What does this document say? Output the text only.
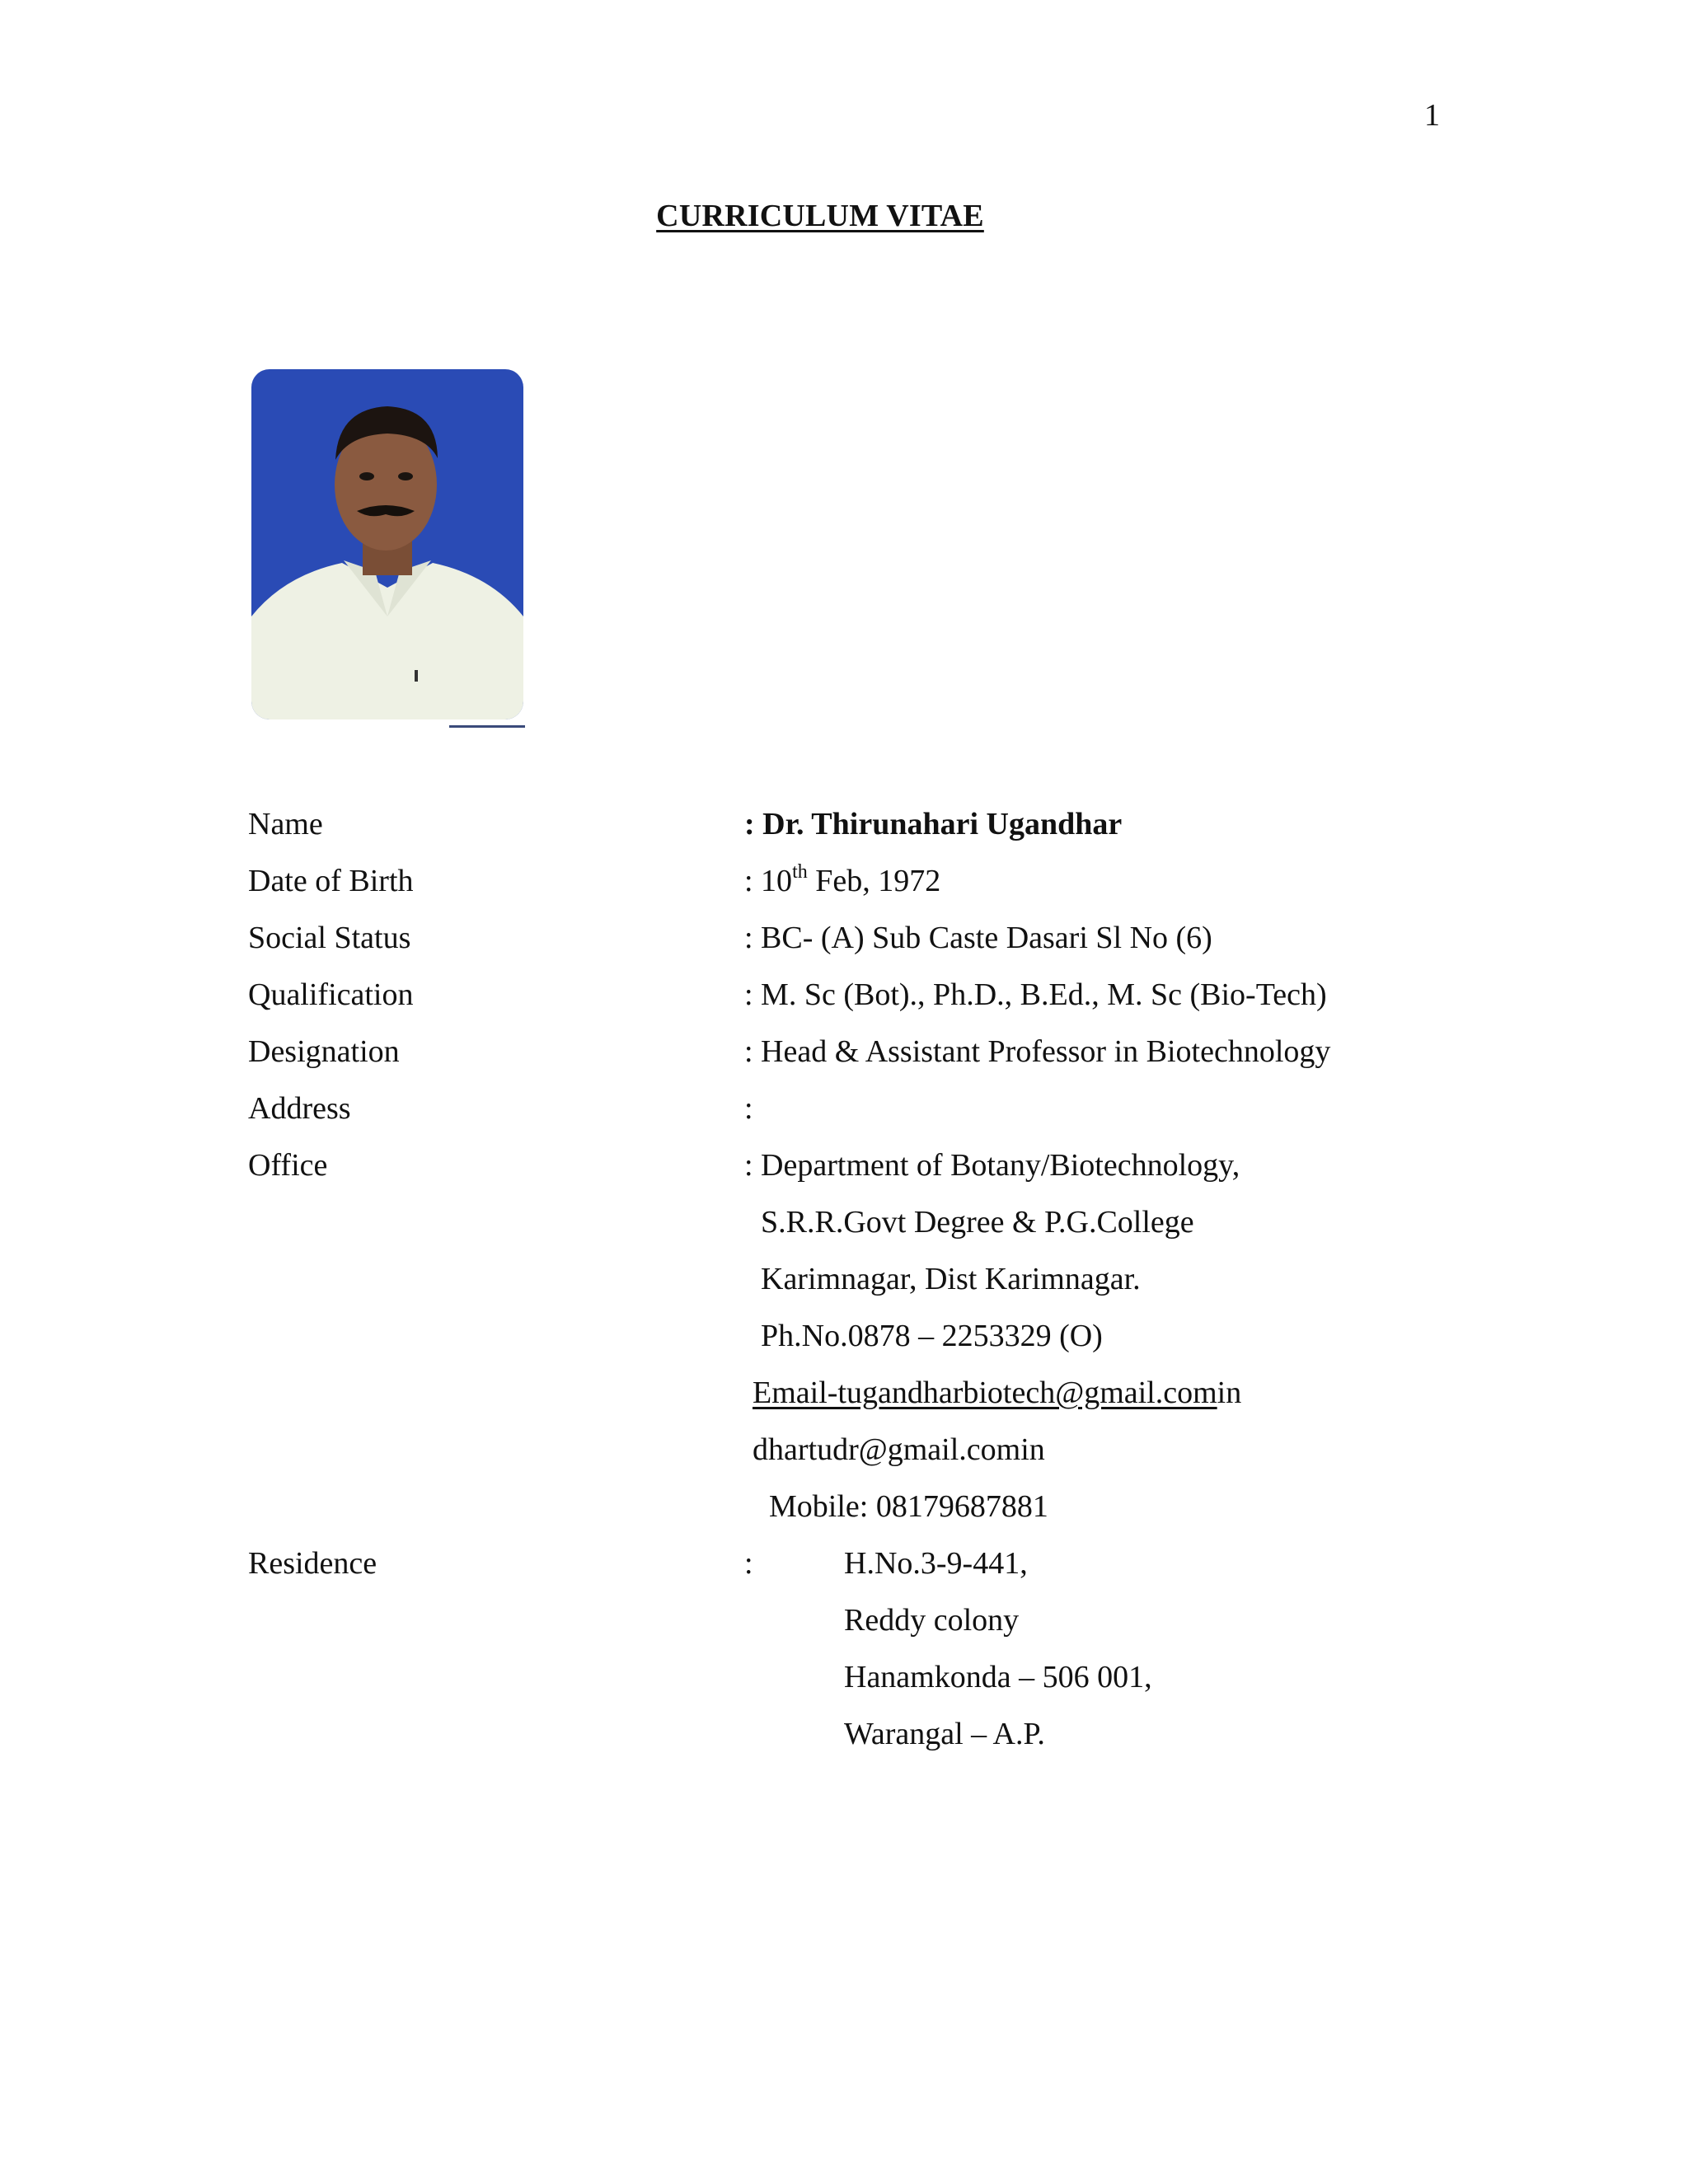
1
CURRICULUM VITAE
Name	: Dr. Thirunahari Ugandhar
Date of Birth	: 10th Feb, 1972
Social Status	: BC- (A) Sub Caste Dasari Sl No (6)
Qualification	: M. Sc (Bot)., Ph.D., B.Ed., M. Sc (Bio-Tech)
Designation	: Head & Assistant Professor in Biotechnology
Address	:
Office	: Department of Botany/Biotechnology,
S.R.R.Govt Degree & P.G.College
Karimnagar, Dist Karimnagar.
Ph.No.0878 – 2253329 (O)
Email-tugandharbiotech@gmail.comin
dhartudr@gmail.comin
Mobile: 08179687881
Residence	:	H.No.3-9-441,
Reddy colony
Hanamkonda – 506 001,
Warangal – A.P.
